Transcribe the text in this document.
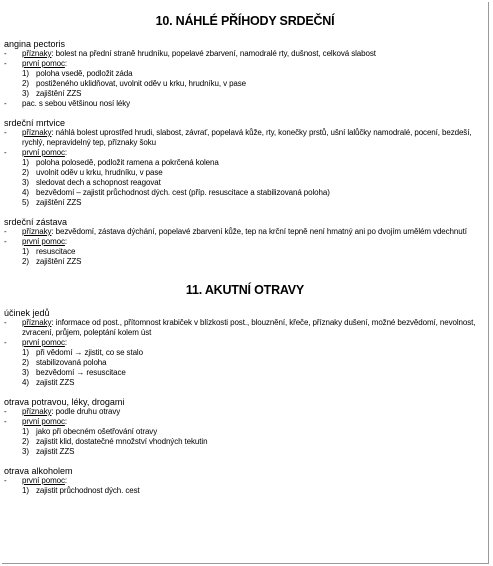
10. NÁHLÉ PŘÍHODY SRDEČNÍ
angina pectoris
-	příznaky: bolest na přední straně hrudníku, popelavé zbarvení, namodralé rty, dušnost, celková slabost
-	první pomoc:
1) poloha vsedě, podložit záda
2) postiženého uklidňovat, uvolnit oděv u krku, hrudníku, v pase
3) zajištění ZZS
-	pac. s sebou většinou nosí léky
srdeční mrtvice
-	příznaky: náhlá bolest uprostřed hrudi, slabost, závrať, popelavá kůže, rty, konečky prstů, ušní lalůčky namodralé, pocení, bezdeší, rychlý, nepravidelný tep, příznaky šoku
-	první pomoc:
1) poloha polosedě, podložit ramena a pokrčená kolena
2) uvolnit oděv u krku, hrudníku, v pase
3) sledovat dech a schopnost reagovat
4) bezvědomí – zajistit průchodnost dých. cest (příp. resuscitace a stabilizovaná poloha)
5) zajištění ZZS
srdeční zástava
-	příznaky: bezvědomí, zástava dýchání, popelavé zbarvení kůže, tep na krční tepně není hmatný ani po dvojím umělém vdechnutí
-	první pomoc:
1) resuscitace
2) zajištění ZZS
11. AKUTNÍ OTRAVY
účinek jedů
-	příznaky: informace od post., přítomnost krabiček v blízkosti post., blouznění, křeče, příznaky dušení, možné bezvědomí, nevolnost, zvracení, průjem, poleptání kolem úst
-	první pomoc:
1) při vědomí → zjistit, co se stalo
2) stabilizovaná poloha
3) bezvědomí → resuscitace
4) zajistit ZZS
otrava potravou, léky, drogami
-	příznaky: podle druhu otravy
-	první pomoc:
1) jako při obecném ošetřování otravy
2) zajistit klid, dostatečné množství vhodných tekutin
3) zajistit ZZS
otrava alkoholem
-	první pomoc:
1) zajistit průchodnost dých. cest
